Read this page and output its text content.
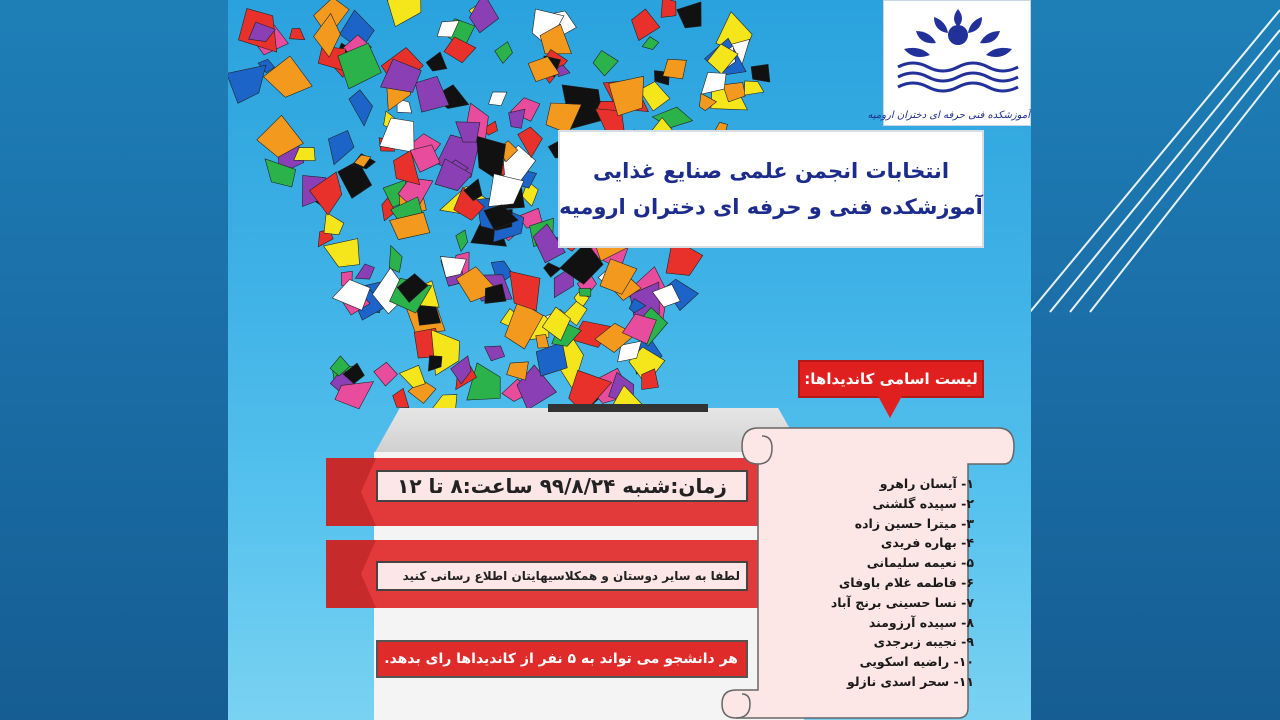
آموزشکده فنی حرفه ای دختران ارومیه
انتخابات انجمن علمی صنایع غذایی
آموزشکده فنی و حرفه ای دختران ارومیه
زمان:شنبه ۹۹/۸/۲۴ ساعت:۸ تا ۱۲
لطفا به سایر دوستان و همکلاسیهایتان اطلاع رسانی کنید
هر دانشجو می تواند به ۵ نفر از کاندیداها رای بدهد.
لیست اسامی کاندیداها:
۱- آیسان راهرو
۲- سپیده گلشنی
۳- میترا حسین زاده
۴- بهاره فریدی
۵- نعیمه سلیمانی
۶- فاطمه غلام باوفای
۷- نسا حسینی برنج آباد
۸- سپیده آرزومند
۹- نجیبه زبرجدی
۱۰- راضیه اسکویی
۱۱- سحر اسدی نازلو
